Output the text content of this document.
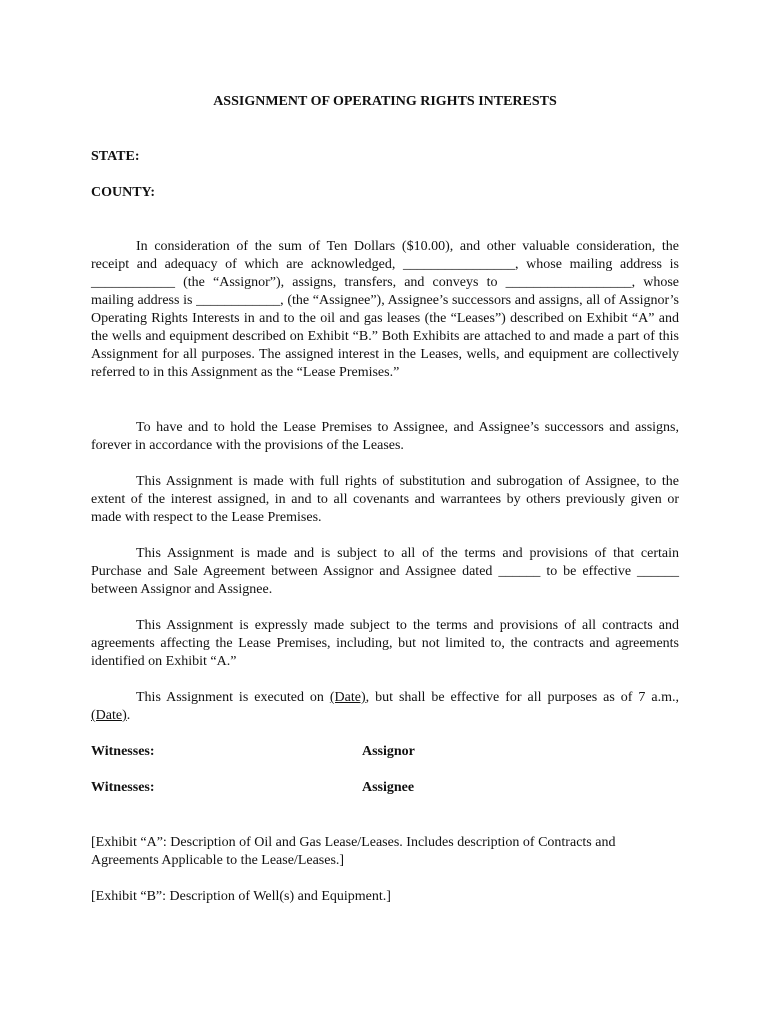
ASSIGNMENT OF OPERATING RIGHTS INTERESTS
STATE:
COUNTY:

In consideration of the sum of Ten Dollars ($10.00), and other valuable consideration, the receipt and adequacy of which are acknowledged, ________________, whose mailing address is ____________ (the “Assignor”), assigns, transfers, and conveys to __________________, whose mailing address is ____________, (the “Assignee”), Assignee’s successors and assigns, all of Assignor’s Operating Rights Interests in and to the oil and gas leases (the “Leases”) described on Exhibit “A” and the wells and equipment described on Exhibit “B.” Both Exhibits are attached to and made a part of this Assignment for all purposes. The assigned interest in the Leases, wells, and equipment are collectively referred to in this Assignment as the “Lease Premises.”

To have and to hold the Lease Premises to Assignee, and Assignee’s successors and assigns, forever in accordance with the provisions of the Leases.

This Assignment is made with full rights of substitution and subrogation of Assignee, to the extent of the interest assigned, in and to all covenants and warrantees by others previously given or made with respect to the Lease Premises.

This Assignment is made and is subject to all of the terms and provisions of that certain Purchase and Sale Agreement between Assignor and Assignee dated ______ to be effective ______ between Assignor and Assignee.

This Assignment is expressly made subject to the terms and provisions of all contracts and agreements affecting the Lease Premises, including, but not limited to, the contracts and agreements identified on Exhibit “A.”

This Assignment is executed on (Date), but shall be effective for all purposes as of 7 a.m., (Date).

Witnesses:	Assignor
Witnesses:	Assignee

[Exhibit “A”: Description of Oil and Gas Lease/Leases. Includes description of Contracts and Agreements Applicable to the Lease/Leases.]

[Exhibit “B”: Description of Well(s) and Equipment.]
